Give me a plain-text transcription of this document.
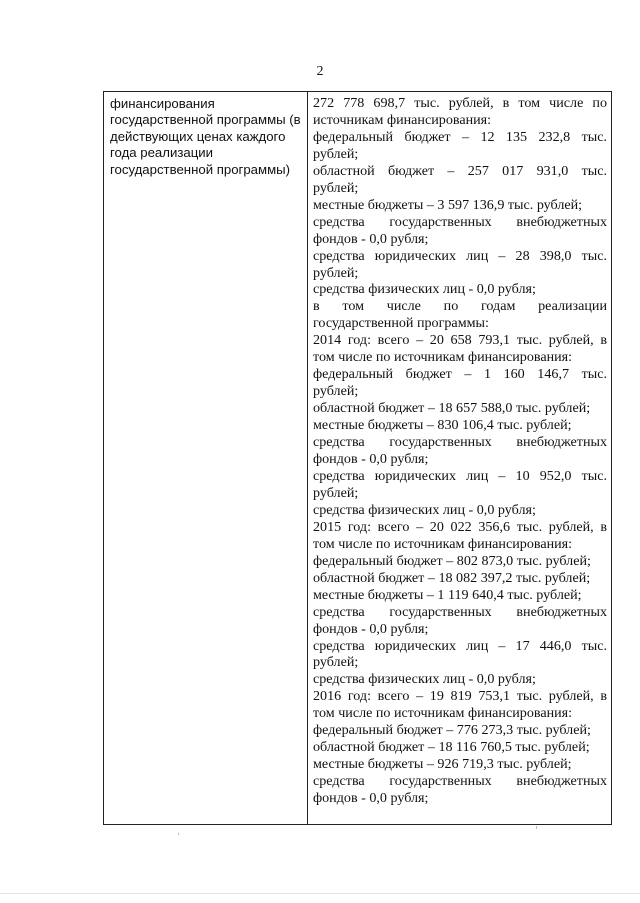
2
финансирования
государственной программы (в
действующих ценах каждого
года реализации
государственной программы)
272 778 698,7 тыс. рублей, в том числе по
источникам финансирования:
федеральный бюджет – 12 135 232,8 тыс.
рублей;
областной бюджет – 257 017 931,0 тыс.
рублей;
местные бюджеты – 3 597 136,9 тыс. рублей;
средства государственных внебюджетных
фондов - 0,0 рубля;
средства юридических лиц – 28 398,0 тыс.
рублей;
средства физических лиц - 0,0 рубля;
в том числе по годам реализации
государственной программы:
2014 год: всего – 20 658 793,1 тыс. рублей, в
том числе по источникам финансирования:
федеральный бюджет – 1 160 146,7 тыс.
рублей;
областной бюджет – 18 657 588,0 тыс. рублей;
местные бюджеты – 830 106,4 тыс. рублей;
средства государственных внебюджетных
фондов - 0,0 рубля;
средства юридических лиц – 10 952,0 тыс.
рублей;
средства физических лиц - 0,0 рубля;
2015 год: всего – 20 022 356,6 тыс. рублей, в
том числе по источникам финансирования:
федеральный бюджет – 802 873,0 тыс. рублей;
областной бюджет – 18 082 397,2 тыс. рублей;
местные бюджеты – 1 119 640,4 тыс. рублей;
средства государственных внебюджетных
фондов - 0,0 рубля;
средства юридических лиц – 17 446,0 тыс.
рублей;
средства физических лиц - 0,0 рубля;
2016 год: всего – 19 819 753,1 тыс. рублей, в
том числе по источникам финансирования:
федеральный бюджет – 776 273,3 тыс. рублей;
областной бюджет – 18 116 760,5 тыс. рублей;
местные бюджеты – 926 719,3 тыс. рублей;
средства государственных внебюджетных
фондов - 0,0 рубля;
